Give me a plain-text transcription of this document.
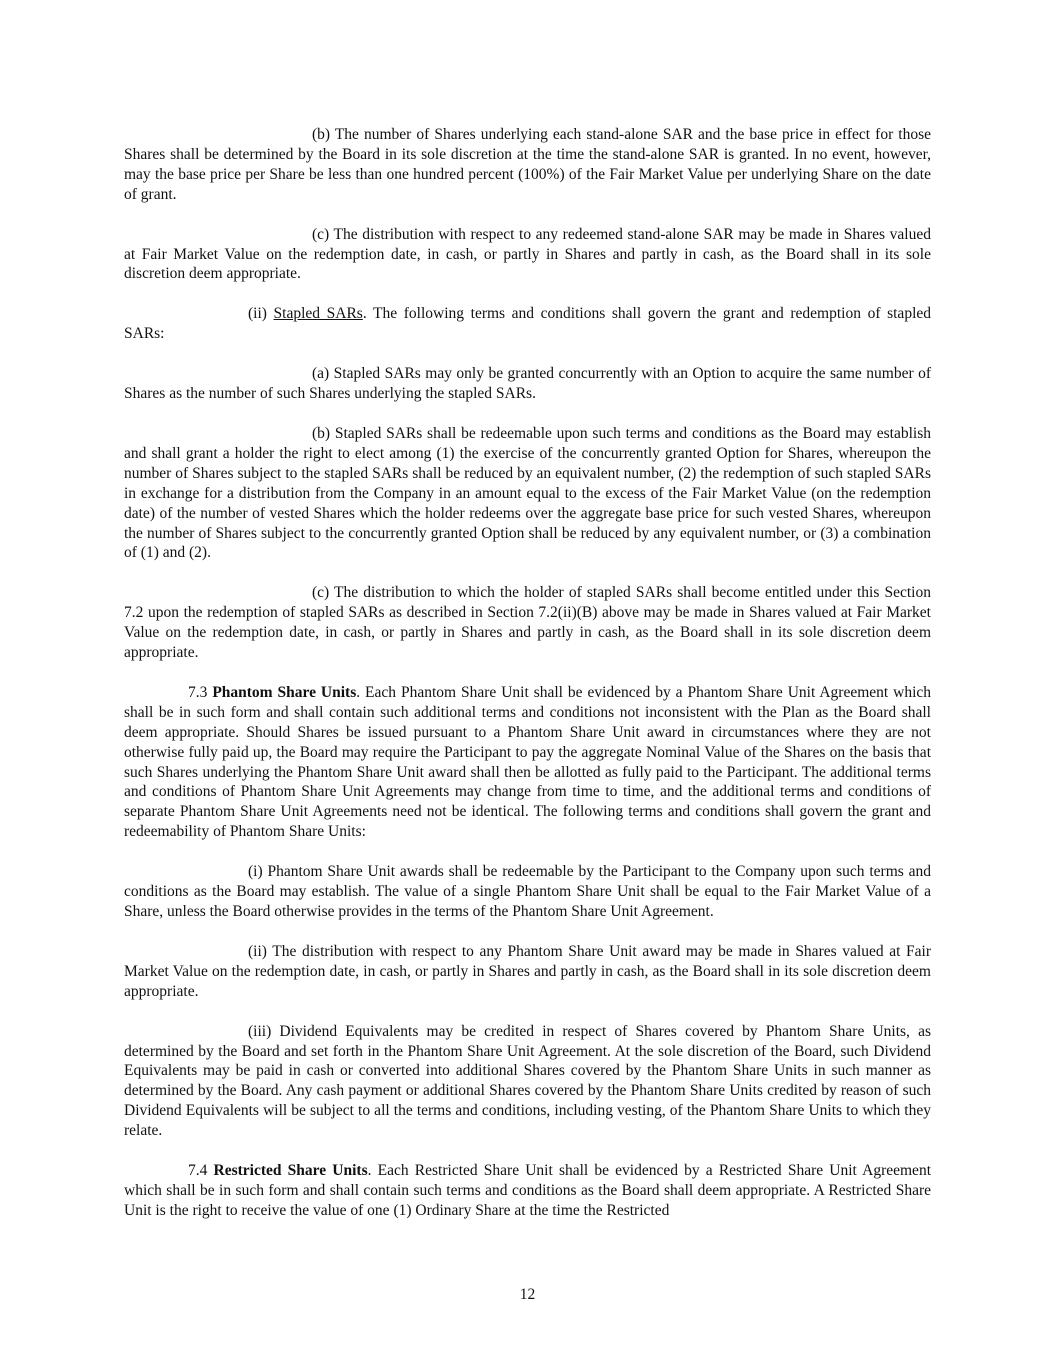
(b) The number of Shares underlying each stand-alone SAR and the base price in effect for those Shares shall be determined by the Board in its sole discretion at the time the stand-alone SAR is granted. In no event, however, may the base price per Share be less than one hundred percent (100%) of the Fair Market Value per underlying Share on the date of grant.

(c) The distribution with respect to any redeemed stand-alone SAR may be made in Shares valued at Fair Market Value on the redemption date, in cash, or partly in Shares and partly in cash, as the Board shall in its sole discretion deem appropriate.

(ii) Stapled SARs. The following terms and conditions shall govern the grant and redemption of stapled SARs:

(a) Stapled SARs may only be granted concurrently with an Option to acquire the same number of Shares as the number of such Shares underlying the stapled SARs.

(b) Stapled SARs shall be redeemable upon such terms and conditions as the Board may establish and shall grant a holder the right to elect among (1) the exercise of the concurrently granted Option for Shares, whereupon the number of Shares subject to the stapled SARs shall be reduced by an equivalent number, (2) the redemption of such stapled SARs in exchange for a distribution from the Company in an amount equal to the excess of the Fair Market Value (on the redemption date) of the number of vested Shares which the holder redeems over the aggregate base price for such vested Shares, whereupon the number of Shares subject to the concurrently granted Option shall be reduced by any equivalent number, or (3) a combination of (1) and (2).

(c) The distribution to which the holder of stapled SARs shall become entitled under this Section 7.2 upon the redemption of stapled SARs as described in Section 7.2(ii)(B) above may be made in Shares valued at Fair Market Value on the redemption date, in cash, or partly in Shares and partly in cash, as the Board shall in its sole discretion deem appropriate.

7.3 Phantom Share Units. Each Phantom Share Unit shall be evidenced by a Phantom Share Unit Agreement which shall be in such form and shall contain such additional terms and conditions not inconsistent with the Plan as the Board shall deem appropriate. Should Shares be issued pursuant to a Phantom Share Unit award in circumstances where they are not otherwise fully paid up, the Board may require the Participant to pay the aggregate Nominal Value of the Shares on the basis that such Shares underlying the Phantom Share Unit award shall then be allotted as fully paid to the Participant. The additional terms and conditions of Phantom Share Unit Agreements may change from time to time, and the additional terms and conditions of separate Phantom Share Unit Agreements need not be identical. The following terms and conditions shall govern the grant and redeemability of Phantom Share Units:

(i) Phantom Share Unit awards shall be redeemable by the Participant to the Company upon such terms and conditions as the Board may establish. The value of a single Phantom Share Unit shall be equal to the Fair Market Value of a Share, unless the Board otherwise provides in the terms of the Phantom Share Unit Agreement.

(ii) The distribution with respect to any Phantom Share Unit award may be made in Shares valued at Fair Market Value on the redemption date, in cash, or partly in Shares and partly in cash, as the Board shall in its sole discretion deem appropriate.

(iii) Dividend Equivalents may be credited in respect of Shares covered by Phantom Share Units, as determined by the Board and set forth in the Phantom Share Unit Agreement. At the sole discretion of the Board, such Dividend Equivalents may be paid in cash or converted into additional Shares covered by the Phantom Share Units in such manner as determined by the Board. Any cash payment or additional Shares covered by the Phantom Share Units credited by reason of such Dividend Equivalents will be subject to all the terms and conditions, including vesting, of the Phantom Share Units to which they relate.

7.4 Restricted Share Units. Each Restricted Share Unit shall be evidenced by a Restricted Share Unit Agreement which shall be in such form and shall contain such terms and conditions as the Board shall deem appropriate. A Restricted Share Unit is the right to receive the value of one (1) Ordinary Share at the time the Restricted

12
